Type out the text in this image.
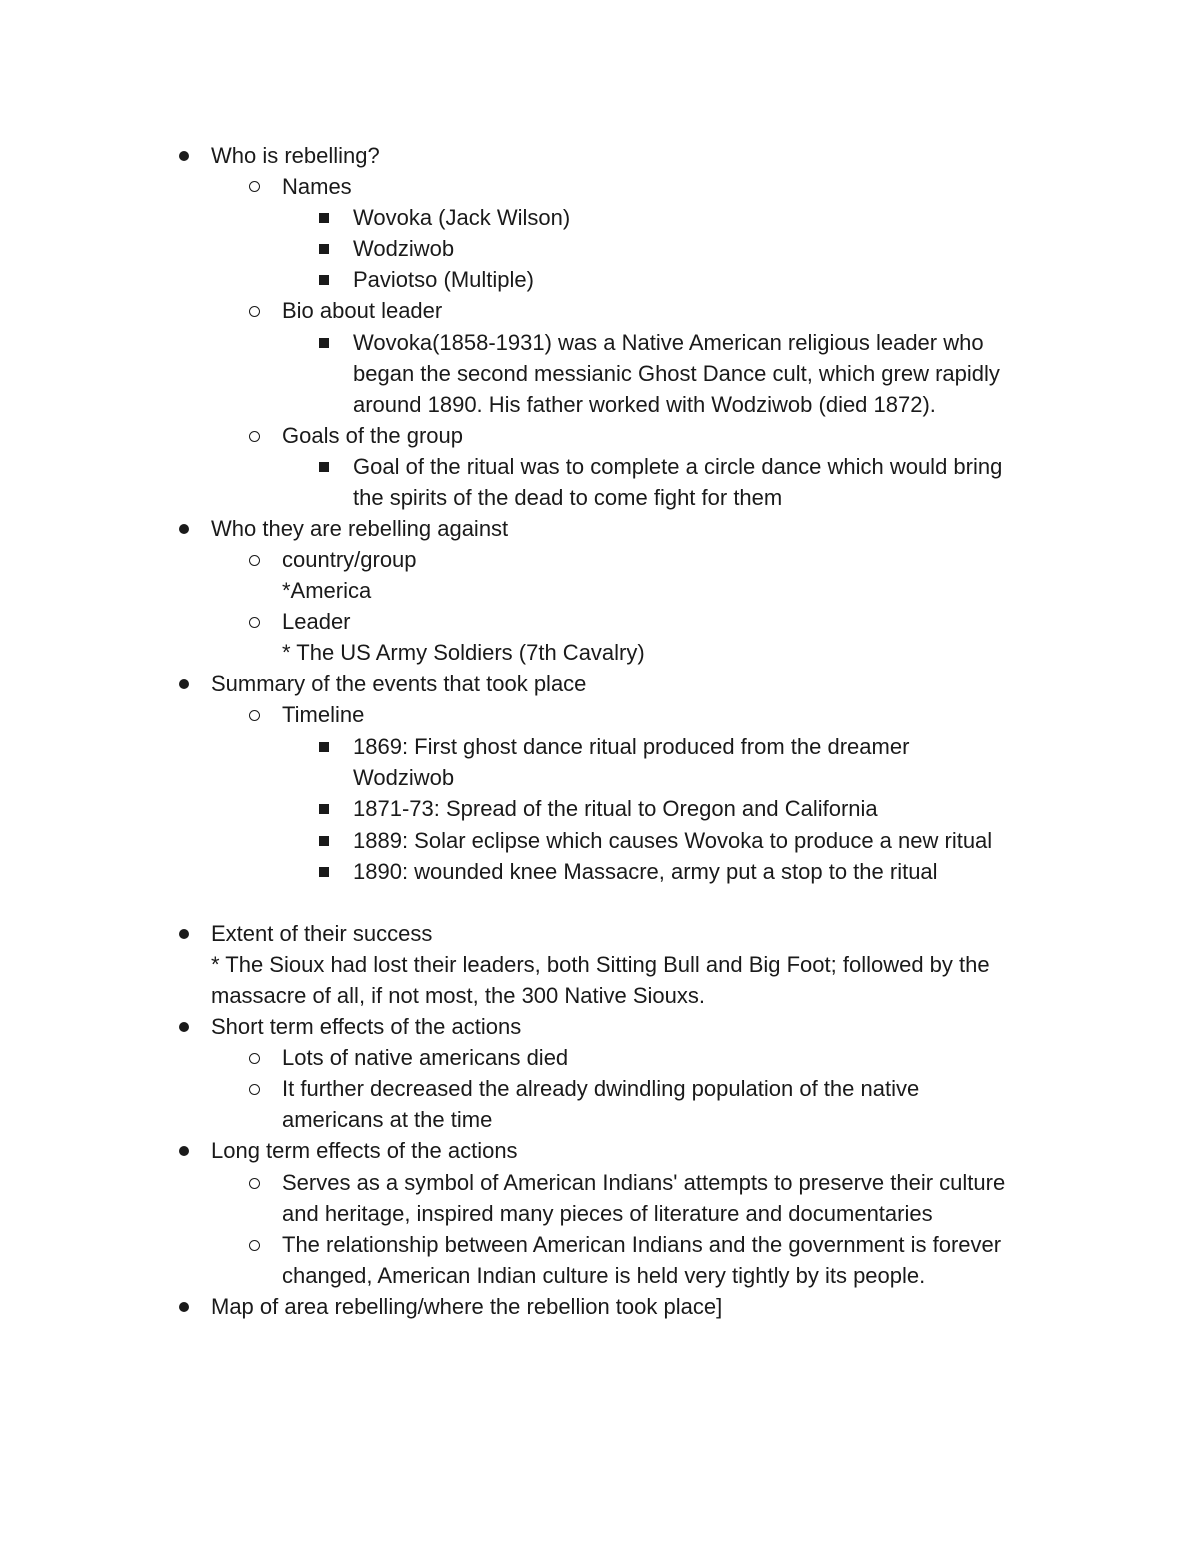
Who is rebelling?
Names
Wovoka (Jack Wilson)
Wodziwob
Paviotso (Multiple)
Bio about leader
Wovoka(1858-1931) was a Native American religious leader who
began the second messianic Ghost Dance cult, which grew rapidly
around 1890. His father worked with Wodziwob (died 1872).
Goals of the group
Goal of the ritual was to complete a circle dance which would bring
the spirits of the dead to come fight for them
Who they are rebelling against
country/group
*America
Leader
* The US Army Soldiers (7th Cavalry)
Summary of the events that took place
Timeline
1869: First ghost dance ritual produced from the dreamer
Wodziwob
1871-73: Spread of the ritual to Oregon and California
1889: Solar eclipse which causes Wovoka to produce a new ritual
1890: wounded knee Massacre, army put a stop to the ritual
Extent of their success
* The Sioux had lost their leaders, both Sitting Bull and Big Foot; followed by the
massacre of all, if not most, the 300 Native Siouxs.
Short term effects of the actions
Lots of native americans died
It further decreased the already dwindling population of the native
americans at the time
Long term effects of the actions
Serves as a symbol of American Indians' attempts to preserve their culture
and heritage, inspired many pieces of literature and documentaries
The relationship between American Indians and the government is forever
changed, American Indian culture is held very tightly by its people.
Map of area rebelling/where the rebellion took place]
